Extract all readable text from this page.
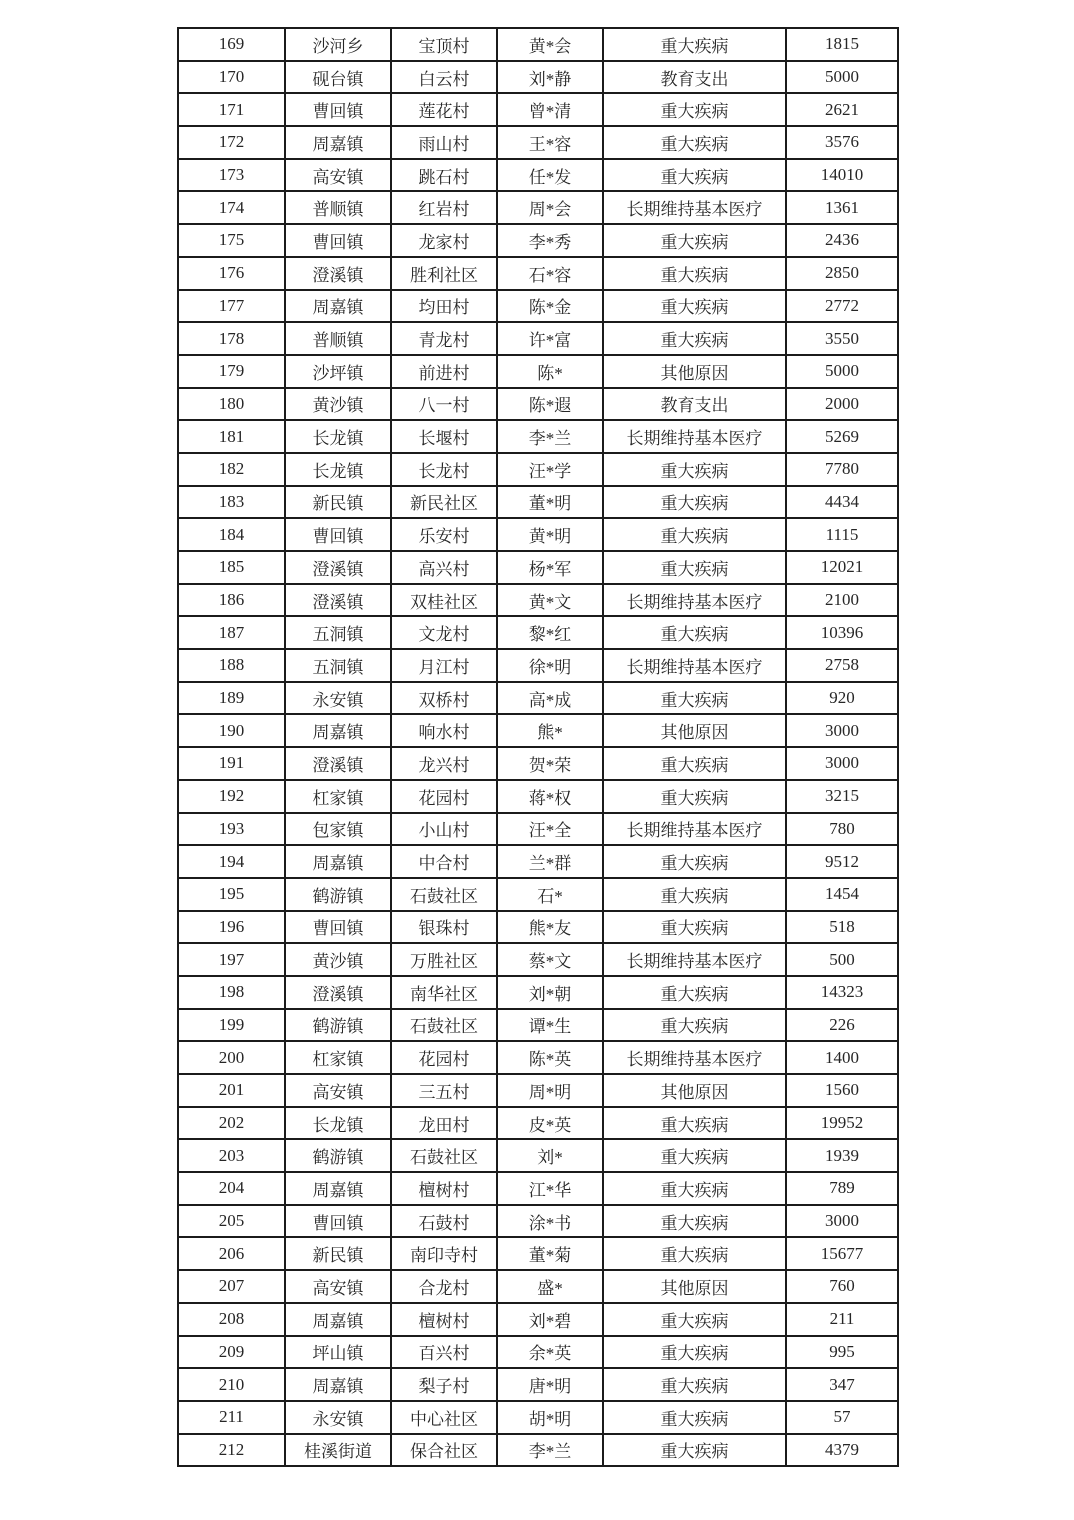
169	沙河乡	宝顶村	黄*会	重大疾病	1815
170	砚台镇	白云村	刘*静	教育支出	5000
171	曹回镇	莲花村	曾*清	重大疾病	2621
172	周嘉镇	雨山村	王*容	重大疾病	3576
173	高安镇	跳石村	任*发	重大疾病	14010
174	普顺镇	红岩村	周*会	长期维持基本医疗	1361
175	曹回镇	龙家村	李*秀	重大疾病	2436
176	澄溪镇	胜利社区	石*容	重大疾病	2850
177	周嘉镇	均田村	陈*金	重大疾病	2772
178	普顺镇	青龙村	许*富	重大疾病	3550
179	沙坪镇	前进村	陈*	其他原因	5000
180	黄沙镇	八一村	陈*遐	教育支出	2000
181	长龙镇	长堰村	李*兰	长期维持基本医疗	5269
182	长龙镇	长龙村	汪*学	重大疾病	7780
183	新民镇	新民社区	董*明	重大疾病	4434
184	曹回镇	乐安村	黄*明	重大疾病	1115
185	澄溪镇	高兴村	杨*军	重大疾病	12021
186	澄溪镇	双桂社区	黄*文	长期维持基本医疗	2100
187	五洞镇	文龙村	黎*红	重大疾病	10396
188	五洞镇	月江村	徐*明	长期维持基本医疗	2758
189	永安镇	双桥村	高*成	重大疾病	920
190	周嘉镇	响水村	熊*	其他原因	3000
191	澄溪镇	龙兴村	贺*荣	重大疾病	3000
192	杠家镇	花园村	蒋*权	重大疾病	3215
193	包家镇	小山村	汪*全	长期维持基本医疗	780
194	周嘉镇	中合村	兰*群	重大疾病	9512
195	鹤游镇	石鼓社区	石*	重大疾病	1454
196	曹回镇	银珠村	熊*友	重大疾病	518
197	黄沙镇	万胜社区	蔡*文	长期维持基本医疗	500
198	澄溪镇	南华社区	刘*朝	重大疾病	14323
199	鹤游镇	石鼓社区	谭*生	重大疾病	226
200	杠家镇	花园村	陈*英	长期维持基本医疗	1400
201	高安镇	三五村	周*明	其他原因	1560
202	长龙镇	龙田村	皮*英	重大疾病	19952
203	鹤游镇	石鼓社区	刘*	重大疾病	1939
204	周嘉镇	檀树村	江*华	重大疾病	789
205	曹回镇	石鼓村	涂*书	重大疾病	3000
206	新民镇	南印寺村	董*菊	重大疾病	15677
207	高安镇	合龙村	盛*	其他原因	760
208	周嘉镇	檀树村	刘*碧	重大疾病	211
209	坪山镇	百兴村	余*英	重大疾病	995
210	周嘉镇	梨子村	唐*明	重大疾病	347
211	永安镇	中心社区	胡*明	重大疾病	57
212	桂溪街道	保合社区	李*兰	重大疾病	4379
